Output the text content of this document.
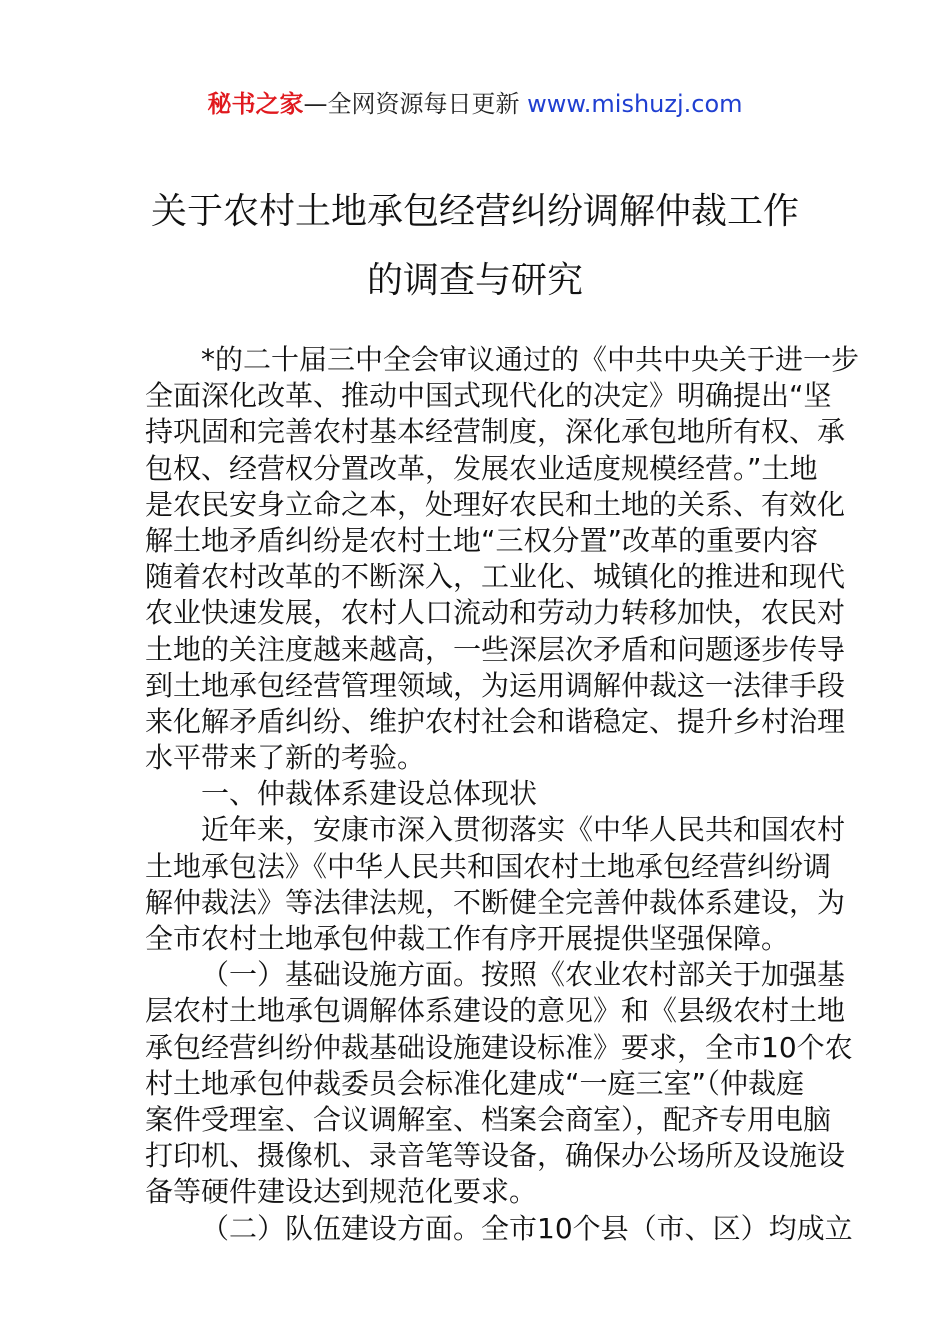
秘书之家—全网资源每日更新 www.mishuzj.com
关于农村土地承包经营纠纷调解仲裁工作
的调查与研究
*的二十届三中全会审议通过的《中共中央关于进一步
全面深化改革、推动中国式现代化的决定》明确提出“坚
持巩固和完善农村基本经营制度，深化承包地所有权、承
包权、经营权分置改革，发展农业适度规模经营。”土地
是农民安身立命之本，处理好农民和土地的关系、有效化
解土地矛盾纠纷是农村土地“三权分置”改革的重要内容
随着农村改革的不断深入，工业化、城镇化的推进和现代
农业快速发展，农村人口流动和劳动力转移加快，农民对
土地的关注度越来越高，一些深层次矛盾和问题逐步传导
到土地承包经营管理领域，为运用调解仲裁这一法律手段
来化解矛盾纠纷、维护农村社会和谐稳定、提升乡村治理
水平带来了新的考验。
一、仲裁体系建设总体现状
近年来，安康市深入贯彻落实《中华人民共和国农村
土地承包法》《中华人民共和国农村土地承包经营纠纷调
解仲裁法》等法律法规，不断健全完善仲裁体系建设，为
全市农村土地承包仲裁工作有序开展提供坚强保障。
（一）基础设施方面。按照《农业农村部关于加强基
层农村土地承包调解体系建设的意见》和《县级农村土地
承包经营纠纷仲裁基础设施建设标准》要求，全市10个农
村土地承包仲裁委员会标准化建成“一庭三室”（仲裁庭
案件受理室、合议调解室、档案会商室），配齐专用电脑
打印机、摄像机、录音笔等设备，确保办公场所及设施设
备等硬件建设达到规范化要求。
（二）队伍建设方面。全市10个县（市、区）均成立
